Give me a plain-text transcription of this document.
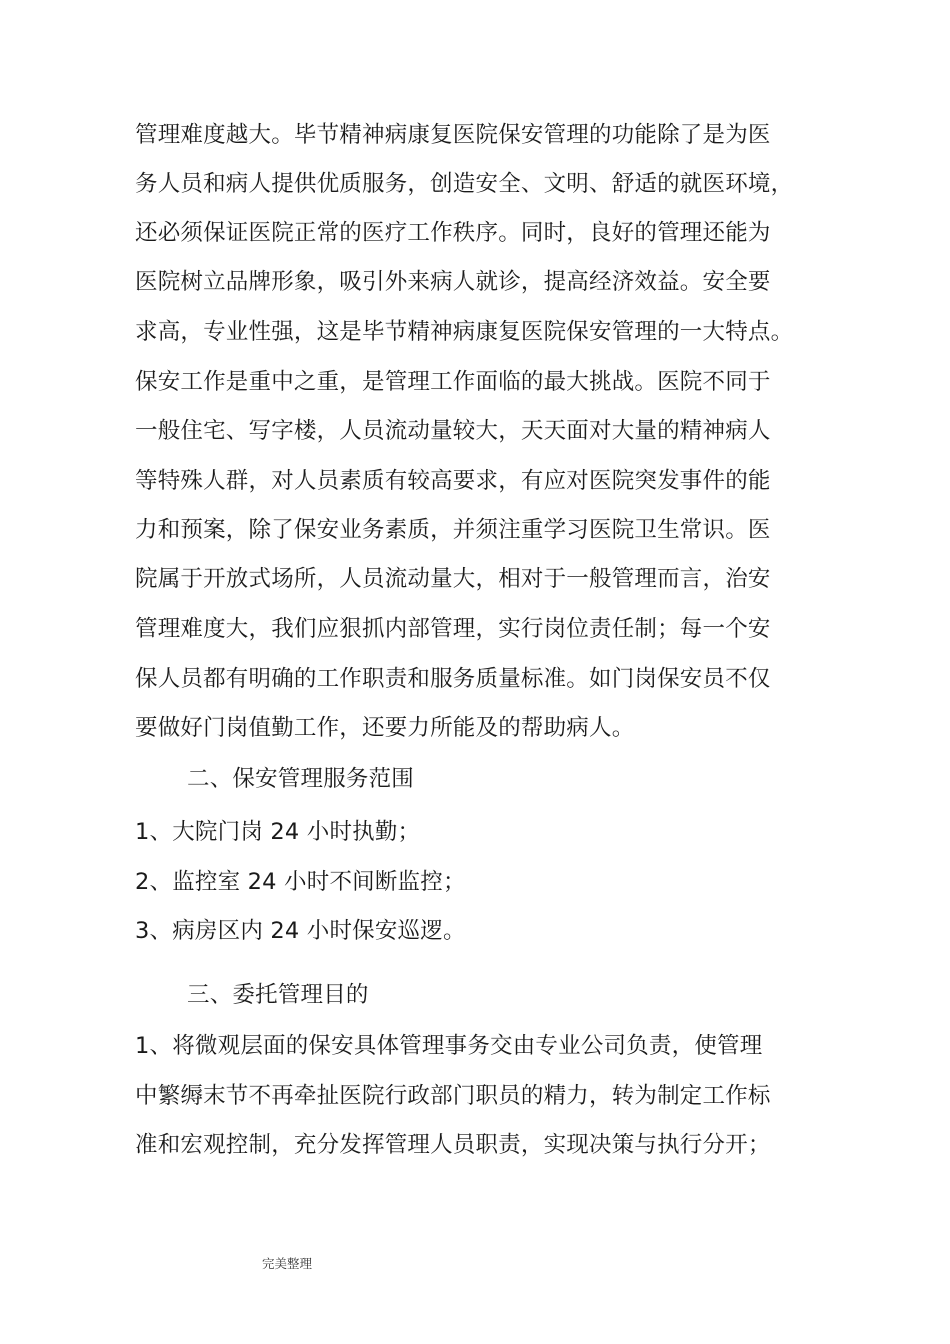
管理难度越大。毕节精神病康复医院保安管理的功能除了是为医
务人员和病人提供优质服务，创造安全、文明、舒适的就医环境，
还必须保证医院正常的医疗工作秩序。同时，良好的管理还能为
医院树立品牌形象，吸引外来病人就诊，提高经济效益。安全要
求高，专业性强，这是毕节精神病康复医院保安管理的一大特点。
保安工作是重中之重，是管理工作面临的最大挑战。医院不同于
一般住宅、写字楼，人员流动量较大，天天面对大量的精神病人
等特殊人群，对人员素质有较高要求，有应对医院突发事件的能
力和预案，除了保安业务素质，并须注重学习医院卫生常识。医
院属于开放式场所，人员流动量大，相对于一般管理而言，治安
管理难度大，我们应狠抓内部管理，实行岗位责任制；每一个安
保人员都有明确的工作职责和服务质量标准。如门岗保安员不仅
要做好门岗值勤工作，还要力所能及的帮助病人。
二、保安管理服务范围
1、大院门岗 24 小时执勤；
2、监控室 24 小时不间断监控；
3、病房区内 24 小时保安巡逻。
三、委托管理目的
1、将微观层面的保安具体管理事务交由专业公司负责，使管理
中繁缛末节不再牵扯医院行政部门职员的精力，转为制定工作标
准和宏观控制，充分发挥管理人员职责，实现决策与执行分开；
完美整理
